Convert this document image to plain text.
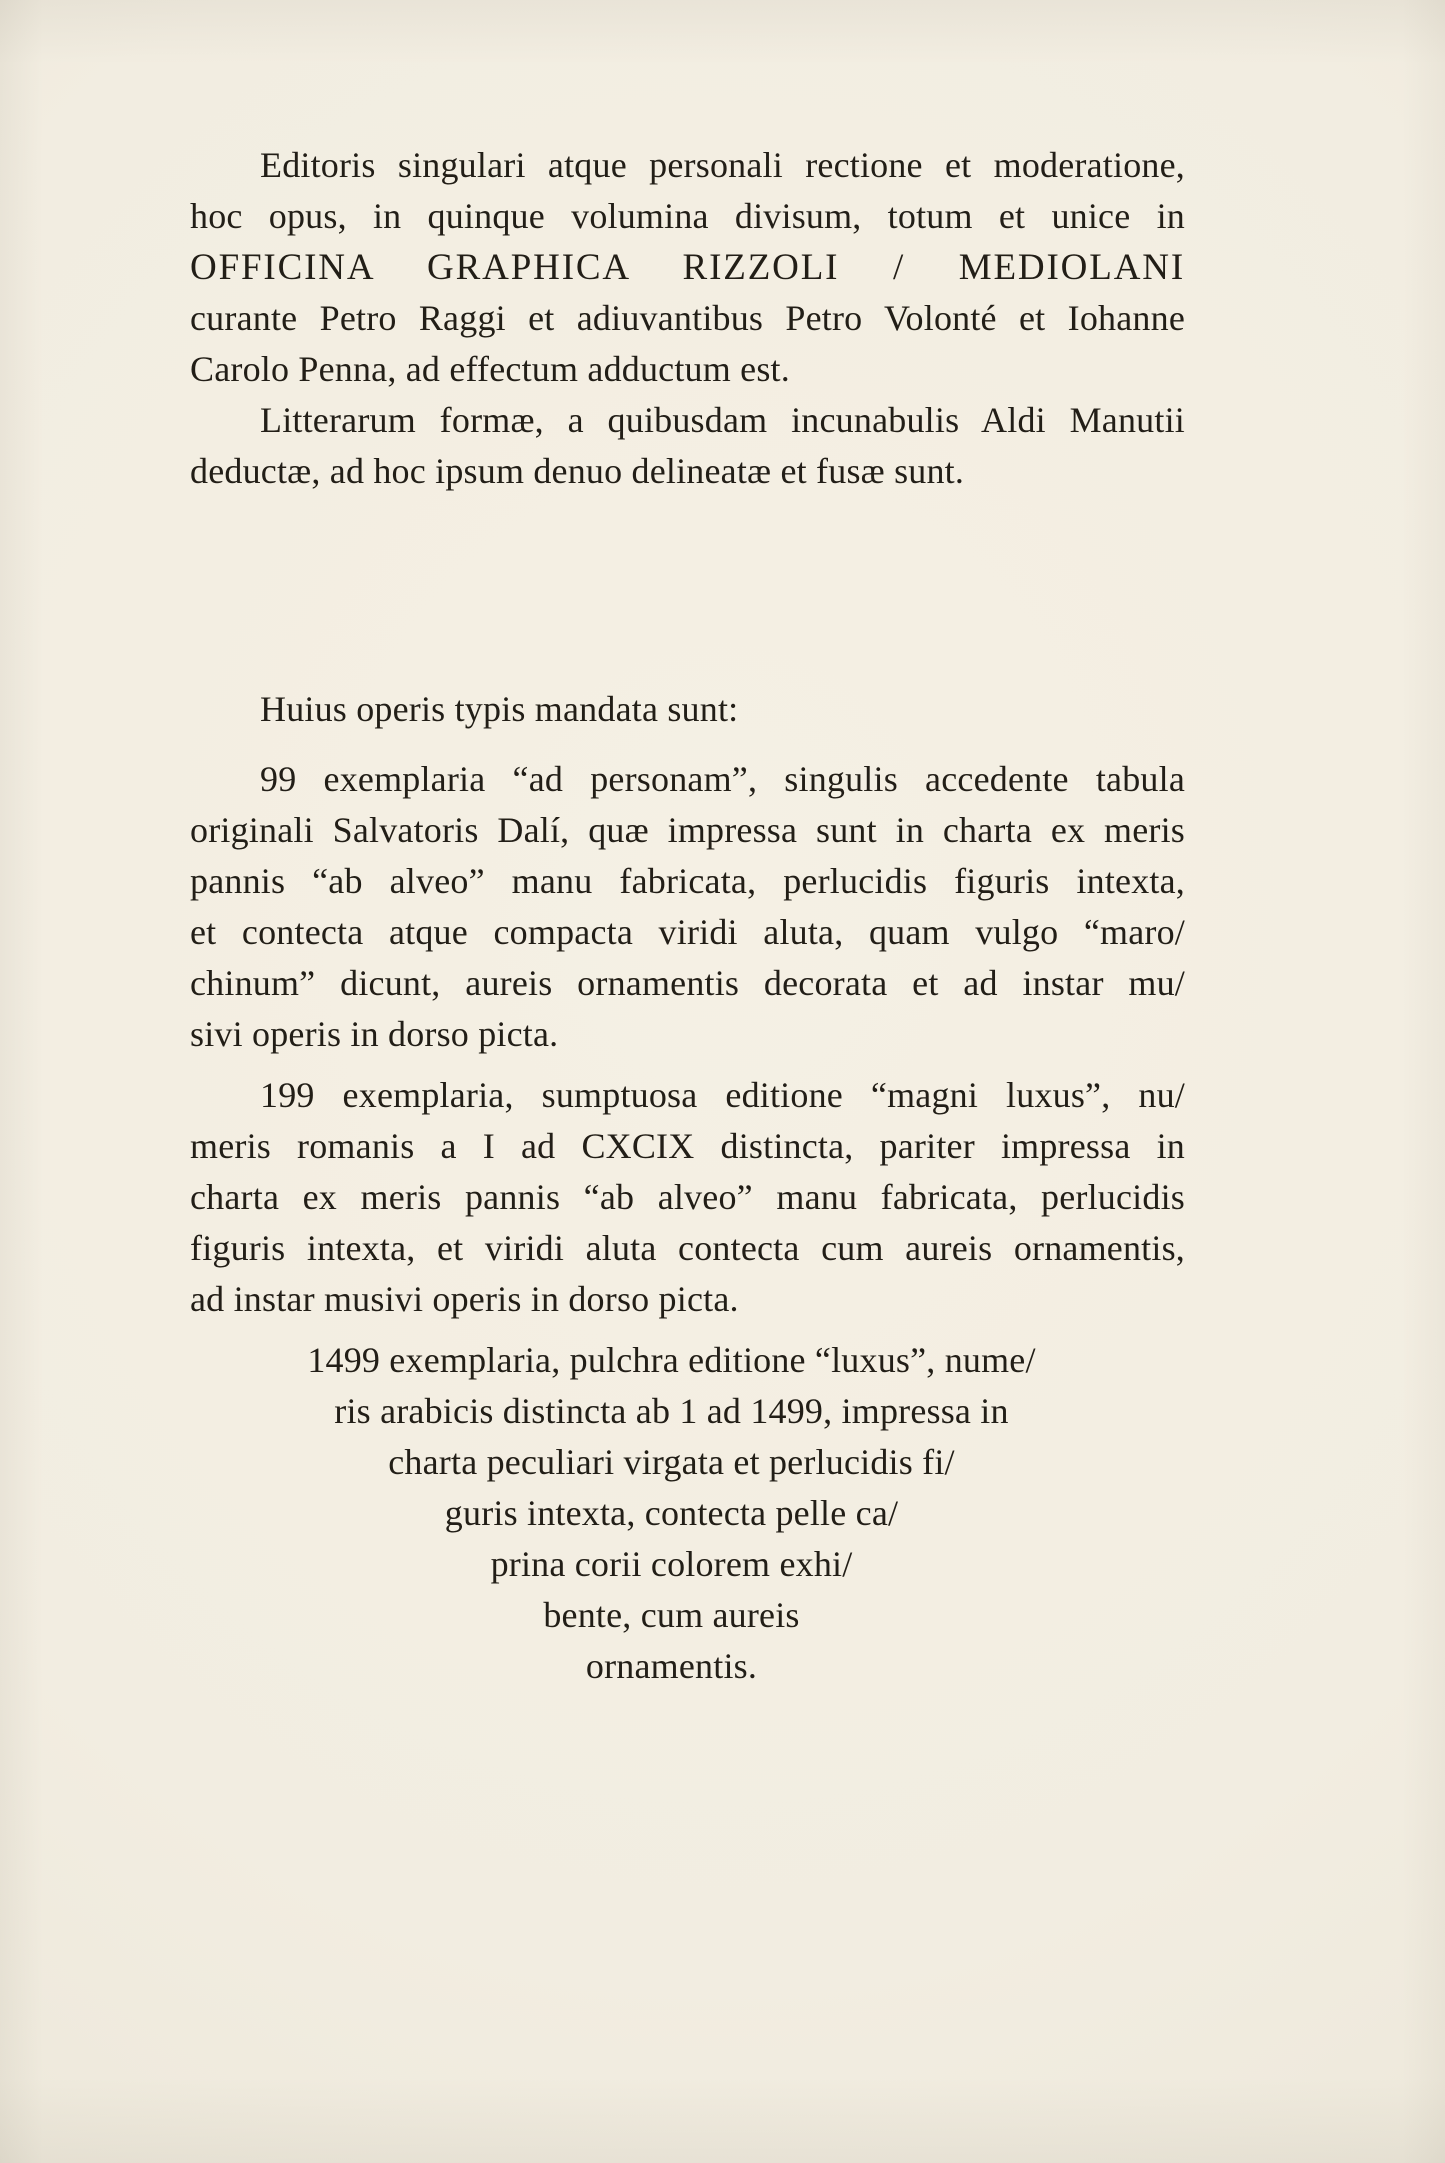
Editoris singulari atque personali rectione et moderatione,
hoc opus, in quinque volumina divisum, totum et unice in
OFFICINA GRAPHICA RIZZOLI / MEDIOLANI
curante Petro Raggi et adiuvantibus Petro Volonté et Iohanne
Carolo Penna, ad effectum adductum est.
Litterarum formæ, a quibusdam incunabulis Aldi Manutii
deductæ, ad hoc ipsum denuo delineatæ et fusæ sunt.
Huius operis typis mandata sunt:
99 exemplaria “ad personam”, singulis accedente tabula
originali Salvatoris Dalí, quæ impressa sunt in charta ex meris
pannis “ab alveo” manu fabricata, perlucidis figuris intexta,
et contecta atque compacta viridi aluta, quam vulgo “maro/
chinum” dicunt, aureis ornamentis decorata et ad instar mu/
sivi operis in dorso picta.
199 exemplaria, sumptuosa editione “magni luxus”, nu/
meris romanis a I ad CXCIX distincta, pariter impressa in
charta ex meris pannis “ab alveo” manu fabricata, perlucidis
figuris intexta, et viridi aluta contecta cum aureis ornamentis,
ad instar musivi operis in dorso picta.
1499 exemplaria, pulchra editione “luxus”, nume/
ris arabicis distincta ab 1 ad 1499, impressa in
charta peculiari virgata et perlucidis fi/
guris intexta, contecta pelle ca/
prina corii colorem exhi/
bente, cum aureis
ornamentis.
